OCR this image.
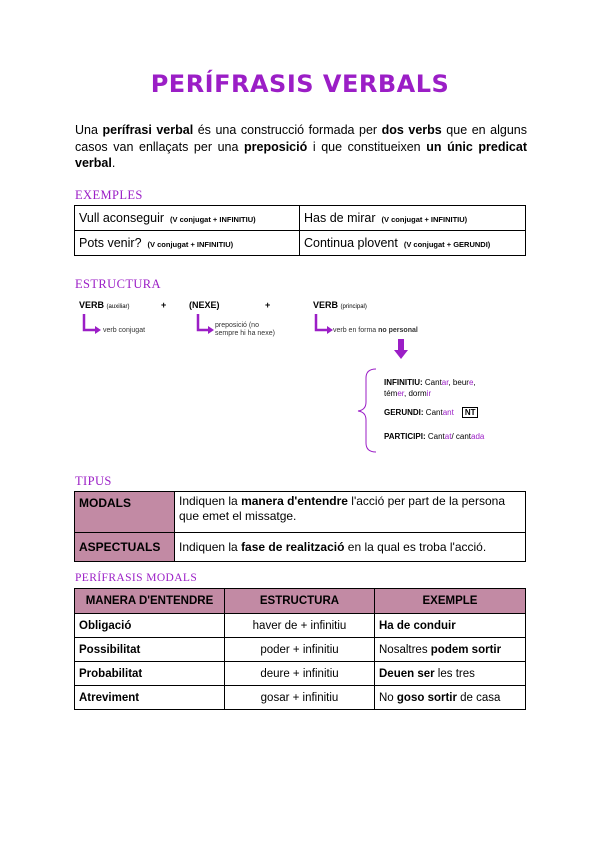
PERÍFRASIS VERBALS
Una perífrasi verbal és una construcció formada per dos verbs que en alguns casos van enllaçats per una preposició i que constitueixen un únic predicat verbal.
EXEMPLES
Vull aconseguir (V conjugat + INFINITIU)	Has de mirar (V conjugat + INFINITIU)
Pots venir? (V conjugat + INFINITIU)	Continua plovent (V conjugat + GERUNDI)
ESTRUCTURA
VERB (auxiliar)	+	(NEXE)	+	VERB (principal)
verb conjugat
preposició (no
sempre hi ha nexe)	verb en forma no personal
INFINITIU: Cantar, beure,
témer, dormir
GERUNDI: Cantant NT
PARTICIPI: Cantat/ cantada
TIPUS
MODALS	Indiquen la manera d'entendre l'acció per part de la persona que emet el missatge.
ASPECTUALS	Indiquen la fase de realització en la qual es troba l'acció.
PERÍFRASIS MODALS
MANERA D'ENTENDRE	ESTRUCTURA	EXEMPLE
Obligació	haver de + infinitiu	Ha de conduir
Possibilitat	poder + infinitiu	Nosaltres podem sortir
Probabilitat	deure + infinitiu	Deuen ser les tres
Atreviment	gosar + infinitiu	No goso sortir de casa
